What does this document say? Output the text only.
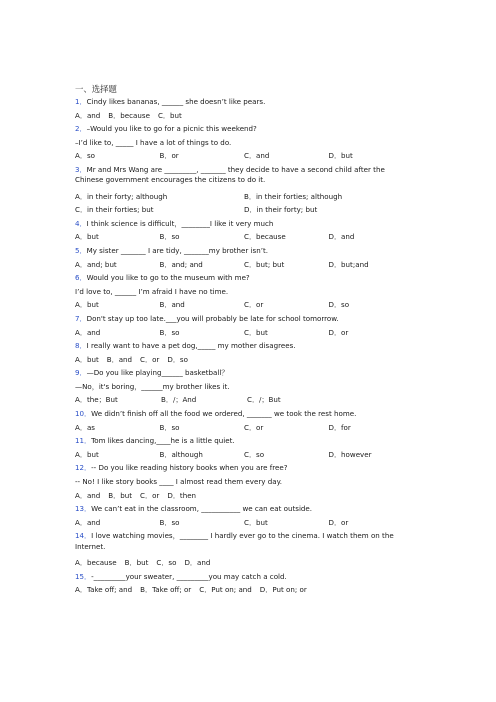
一、选择题
1．Cindy likes bananas, ______ she doesn’t like pears.
A．and B．because C．but
2．–Would you like to go for a picnic this weekend?
–I’d like to, _____ I have a lot of things to do.
A．so	B．or	C．and	D．but
3．Mr and Mrs Wang are _________, _______ they decide to have a second child after the Chinese government encourages the citizens to do it.
A．in their forty; although	B．in their forties; although
C．in their forties; but	D．in their forty; but
4．I think science is difficult，________I like it very much
A．but	B．so	C．because	D．and
5．My sister _______ I are tidy, _______my brother isn’t.
A．and; but	B．and; and	C．but; but	D．but;and
6．Would you like to go to the museum with me?
I’d love to, ______ I’m afraid I have no time.
A．but	B．and	C．or	D．so
7．Don't stay up too late.___you will probably be late for school tomorrow.
A．and	B．so	C．but	D．or
8．I really want to have a pet dog,_____ my mother disagrees.
A．but B．and C．or D．so
9．—Do you like playing______ basketball？
—No，it's boring，______my brother likes it.
A．the；But	B．/；And	C．/；But
10．We didn’t finish off all the food we ordered, _______ we took the rest home.
A．as	B．so	C．or	D．for
11．Tom likes dancing,____he is a little quiet.
A．but	B．although	C．so	D．however
12．-- Do you like reading history books when you are free?
-- No! I like story books ____ I almost read them every day.
A．and B．but C．or D．then
13．We can’t eat in the classroom, ___________ we can eat outside.
A．and	B．so	C．but	D．or
14．I love watching movies，________ I hardly ever go to the cinema. I watch them on the Internet.
A．because B．but C．so D．and
15．-_________your sweater, _________you may catch a cold.
A．Take off; and B．Take off; or C．Put on; and D．Put on; or
